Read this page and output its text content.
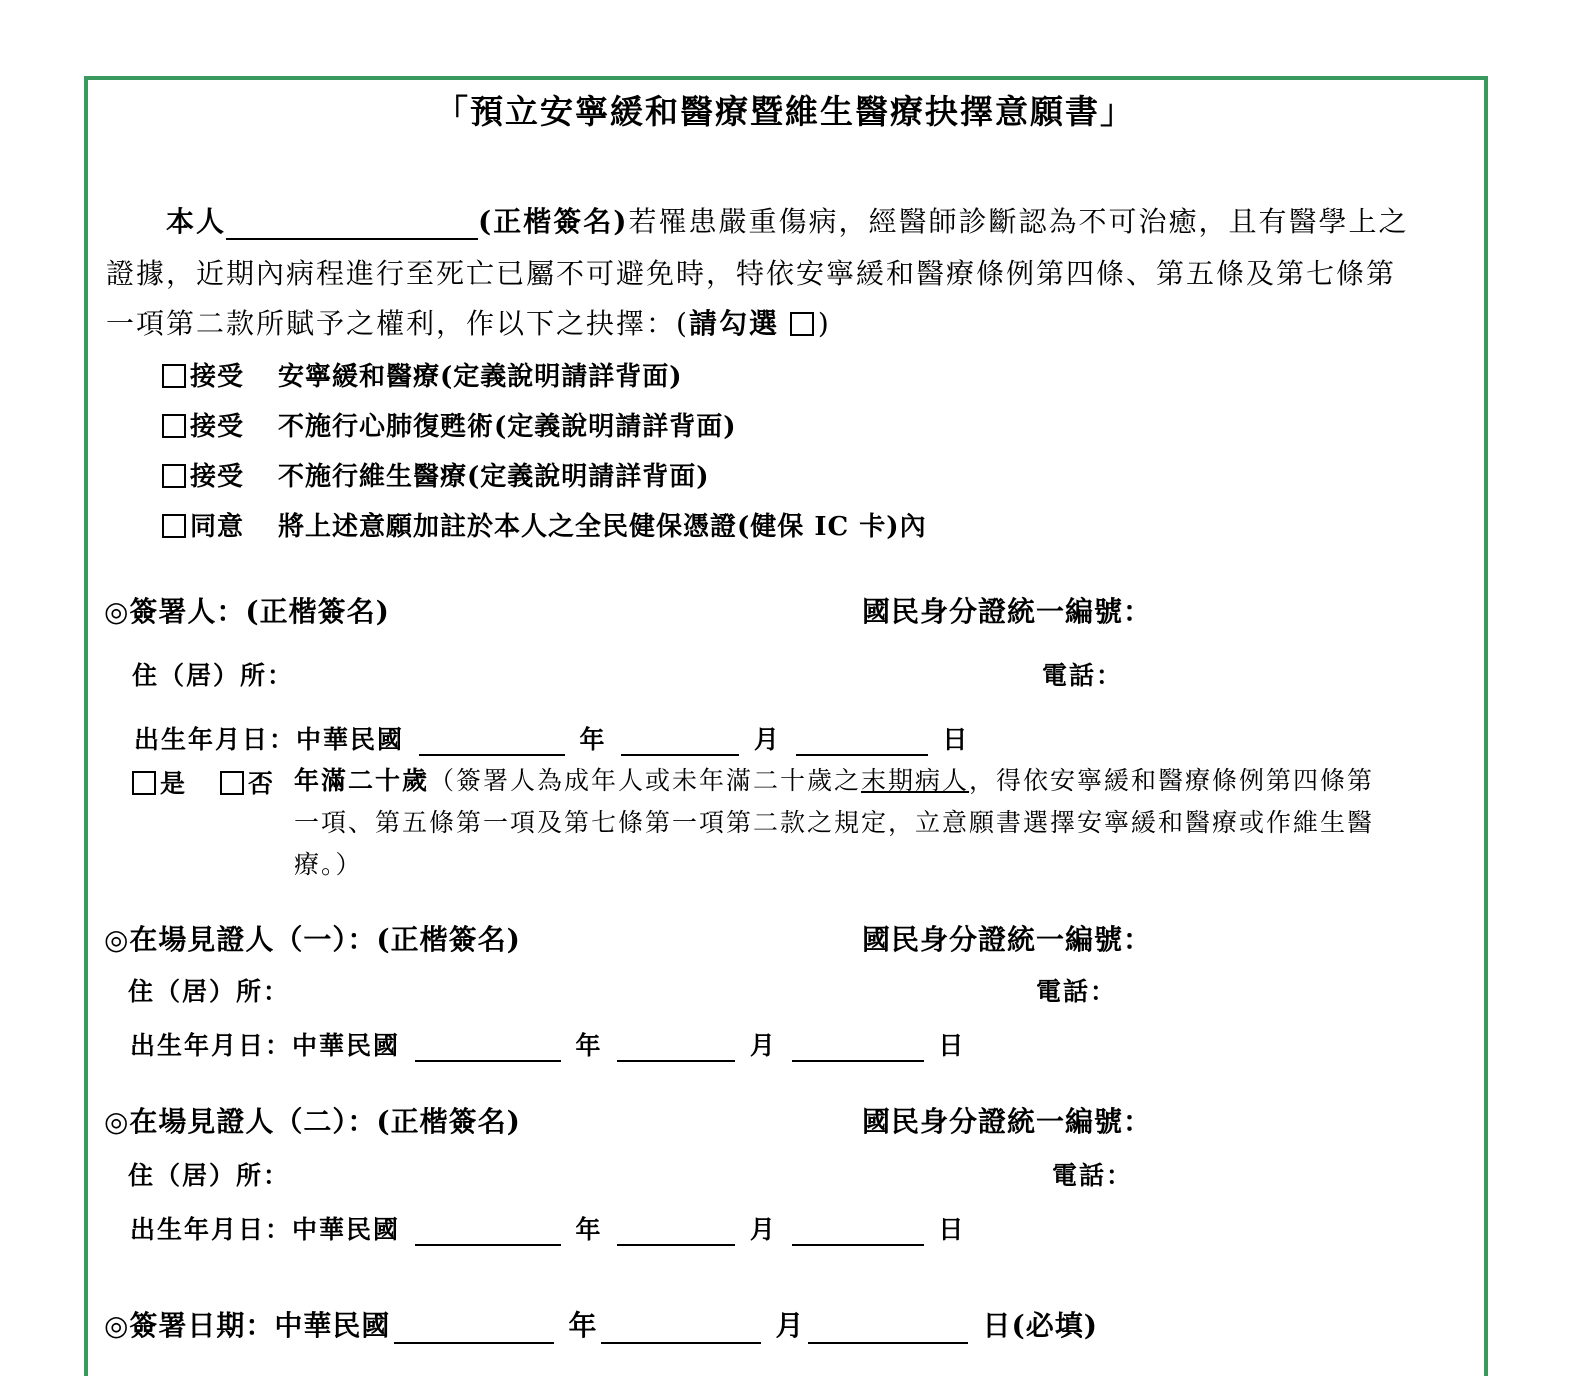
「預立安寧緩和醫療暨維生醫療抉擇意願書」
本人	(正楷簽名)若罹患嚴重傷病，經醫師診斷認為不可治癒，且有醫學上之
證據，近期內病程進行至死亡已屬不可避免時，特依安寧緩和醫療條例第四條、第五條及第七條第
一項第二款所賦予之權利，作以下之抉擇：(請勾選 )
接受 安寧緩和醫療(定義說明請詳背面)
接受 不施行心肺復甦術(定義說明請詳背面)
接受 不施行維生醫療(定義說明請詳背面)
同意 將上述意願加註於本人之全民健保憑證(健保 IC 卡)內
◎簽署人：(正楷簽名)	國民身分證統一編號：
住（居）所：	電話：
出生年月日：中華民國	年	月	日
是	否 年滿二十歲（簽署人為成年人或未年滿二十歲之末期病人，得依安寧緩和醫療條例第四條第
一項、第五條第一項及第七條第一項第二款之規定，立意願書選擇安寧緩和醫療或作維生醫
療。）
◎在場見證人（一）：(正楷簽名)	國民身分證統一編號：
住（居）所：	電話：
出生年月日：中華民國	年	月	日
◎在場見證人（二）：(正楷簽名)	國民身分證統一編號：
住（居）所：	電話：
出生年月日：中華民國	年	月	日
◎簽署日期：中華民國	年	月	日(必填)
